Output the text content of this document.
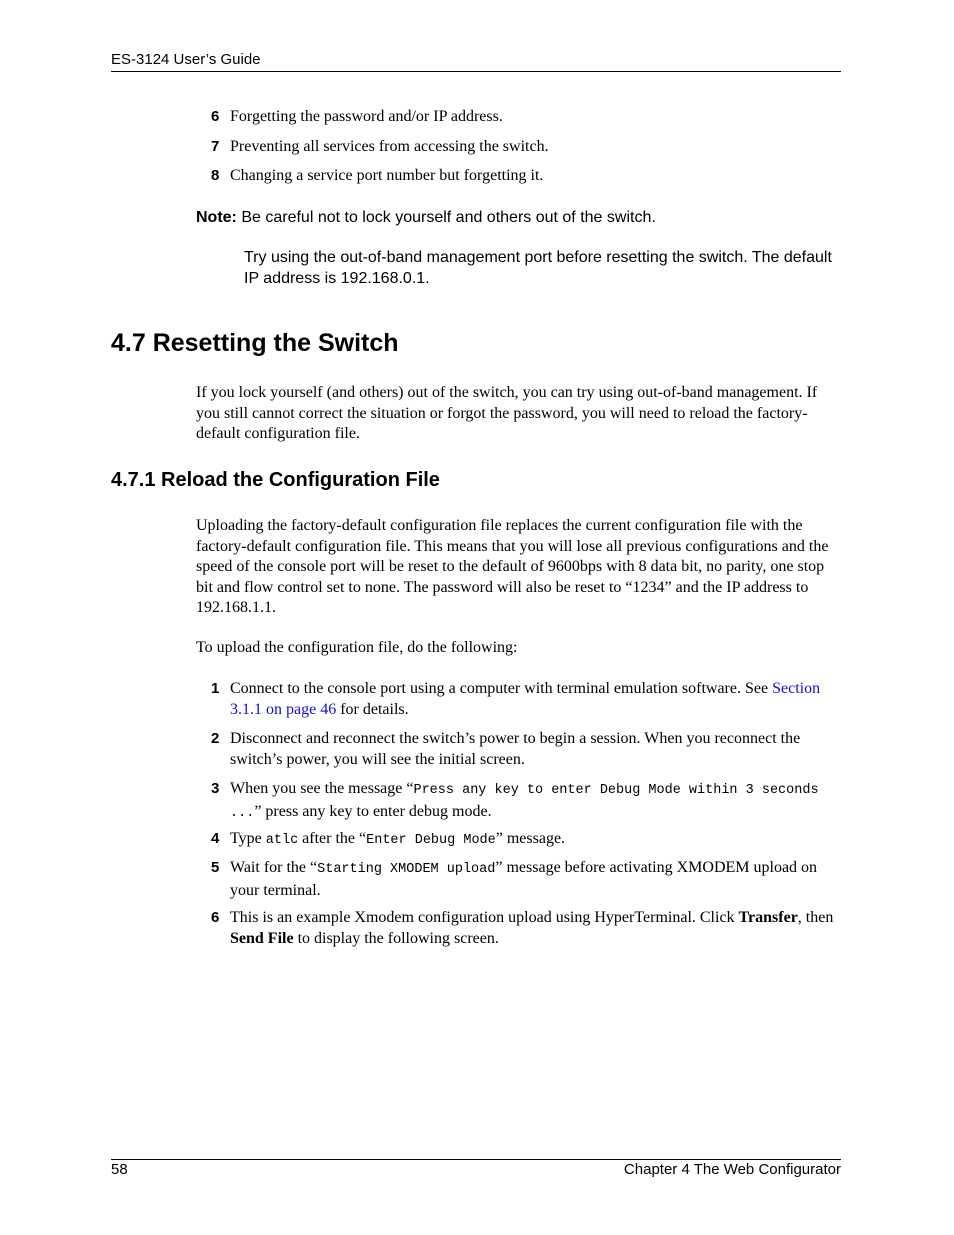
ES-3124 User’s Guide
6 Forgetting the password and/or IP address.
7 Preventing all services from accessing the switch.
8 Changing a service port number but forgetting it.
Note: Be careful not to lock yourself and others out of the switch.
Try using the out-of-band management port before resetting the switch. The default IP address is 192.168.0.1.
4.7 Resetting the Switch
If you lock yourself (and others) out of the switch, you can try using out-of-band management. If you still cannot correct the situation or forgot the password, you will need to reload the factory-default configuration file.
4.7.1 Reload the Configuration File
Uploading the factory-default configuration file replaces the current configuration file with the factory-default configuration file. This means that you will lose all previous configurations and the speed of the console port will be reset to the default of 9600bps with 8 data bit, no parity, one stop bit and flow control set to none. The password will also be reset to “1234” and the IP address to 192.168.1.1.
To upload the configuration file, do the following:
1 Connect to the console port using a computer with terminal emulation software. See Section 3.1.1 on page 46 for details.
2 Disconnect and reconnect the switch’s power to begin a session. When you reconnect the switch’s power, you will see the initial screen.
3 When you see the message “Press any key to enter Debug Mode within 3 seconds ...” press any key to enter debug mode.
4 Type atlc after the “Enter Debug Mode” message.
5 Wait for the “Starting XMODEM upload” message before activating XMODEM upload on your terminal.
6 This is an example Xmodem configuration upload using HyperTerminal. Click Transfer, then Send File to display the following screen.
58	Chapter 4 The Web Configurator
